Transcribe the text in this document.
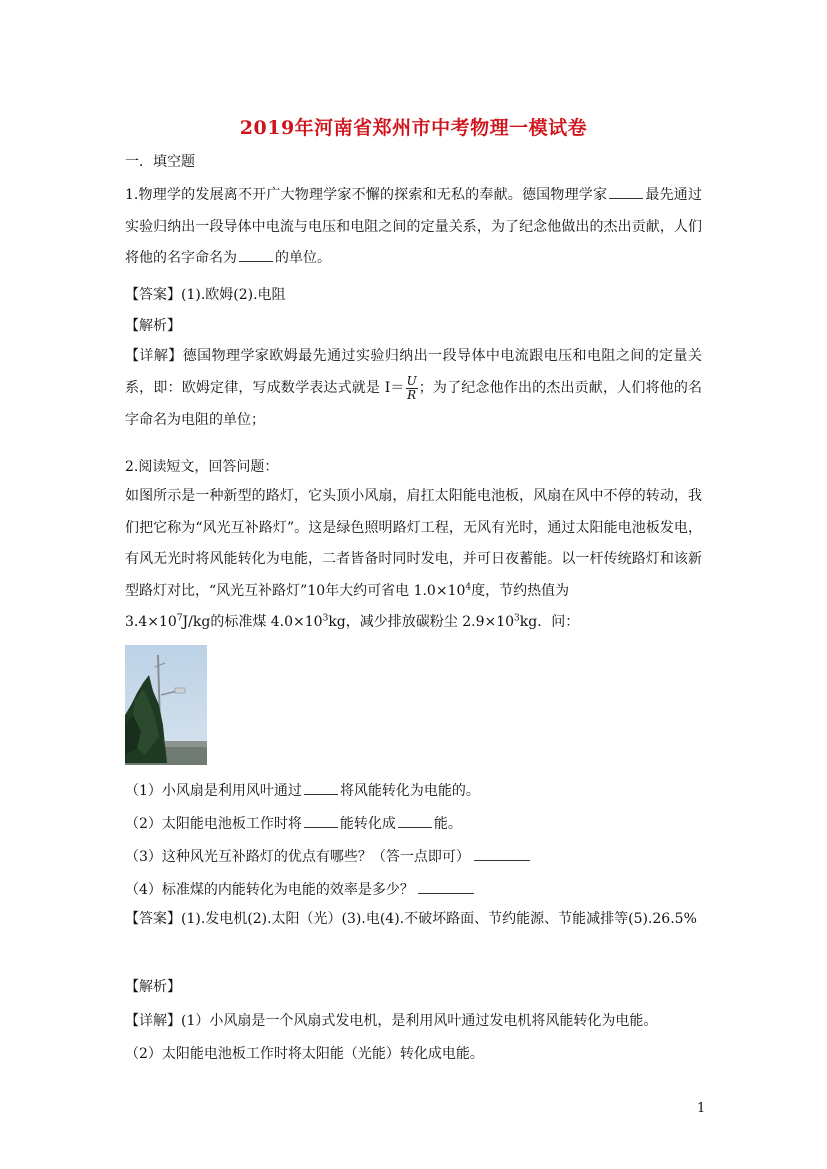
2019年河南省郑州市中考物理一模试卷
一．填空题
1.物理学的发展离不开广大物理学家不懈的探索和无私的奉献。德国物理学家	最先通过实验归纳出一段导体中电流与电压和电阻之间的定量关系，为了纪念他做出的杰出贡献，人们将他的名字命名为	的单位。
【答案】(1).欧姆(2).电阻
【解析】
【详解】德国物理学家欧姆最先通过实验归纳出一段导体中电流跟电压和电阻之间的定量关系，即：欧姆定律，写成数学表达式就是 $I= \frac{U}{R}$ ；为了纪念他作出的杰出贡献，人们将他的名字命名为电阻的单位；
2.阅读短文，回答问题：
如图所示是一种新型的路灯，它头顶小风扇，肩扛太阳能电池板，风扇在风中不停的转动，我们把它称为“风光互补路灯”。这是绿色照明路灯工程，无风有光时，通过太阳能电池板发电，有风无光时将风能转化为电能，二者皆备时同时发电，并可日夜蓄能。以一杆传统路灯和该新型路灯对比，“风光互补路灯”10年大约可省电 $1.0\times 10^4$度，节约热值为
$3.4\times 10^7J/kg$的标准煤 $4.0\times 10^3kg$，减少排放碳粉尘 $2.9\times 10^3kg$．问：
（1）小风扇是利用风叶通过	将风能转化为电能的。
（2）太阳能电池板工作时将	能转化成	能。
（3）这种风光互补路灯的优点有哪些？（答一点即可）
（4）标准煤的内能转化为电能的效率是多少？
【答案】(1).发电机(2).太阳（光）(3).电(4).不破坏路面、节约能源、节能减排等(5).26.5%
【解析】
【详解】(1）小风扇是一个风扇式发电机，是利用风叶通过发电机将风能转化为电能。
（2）太阳能电池板工作时将太阳能（光能）转化成电能。
1
